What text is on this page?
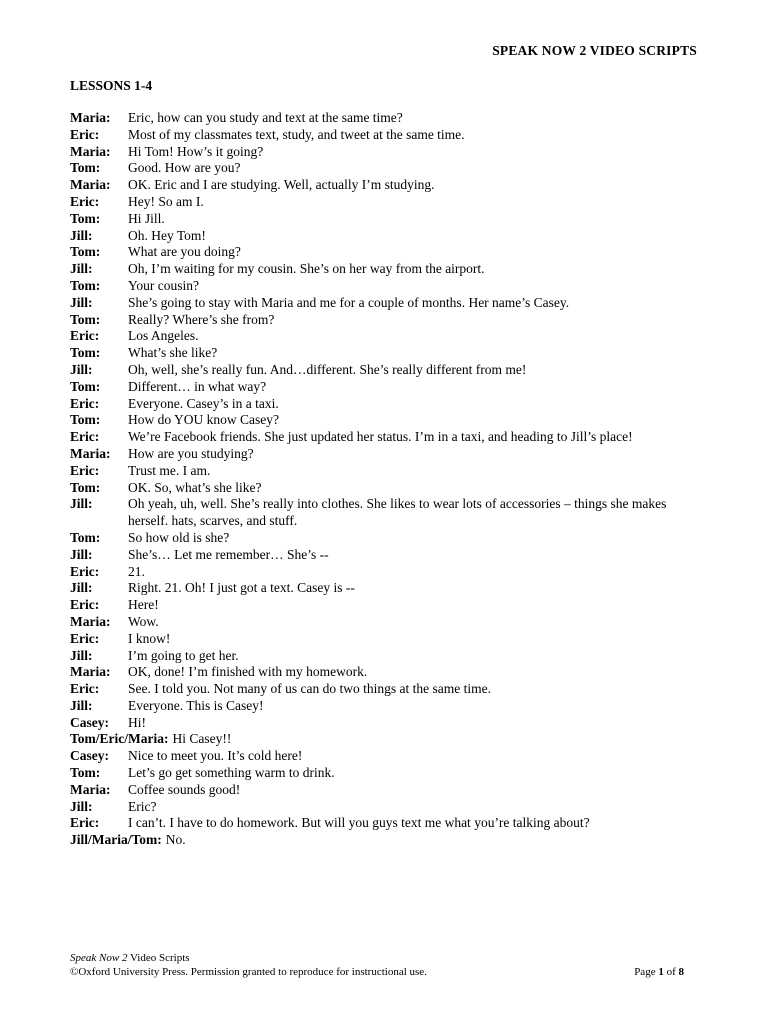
SPEAK NOW 2 VIDEO SCRIPTS
LESSONS 1-4
Maria:	Eric, how can you study and text at the same time?
Eric:	Most of my classmates text, study, and tweet at the same time.
Maria:	Hi Tom! How’s it going?
Tom:	Good. How are you?
Maria:	OK. Eric and I are studying. Well, actually I’m studying.
Eric:	Hey! So am I.
Tom:	Hi Jill.
Jill:	Oh. Hey Tom!
Tom:	What are you doing?
Jill:	Oh, I’m waiting for my cousin. She’s on her way from the airport.
Tom:	Your cousin?
Jill:	She’s going to stay with Maria and me for a couple of months. Her name’s Casey.
Tom:	Really? Where’s she from?
Eric:	Los Angeles.
Tom:	What’s she like?
Jill:	Oh, well, she’s really fun. And…different. She’s really different from me!
Tom:	Different… in what way?
Eric:	Everyone. Casey’s in a taxi.
Tom:	How do YOU know Casey?
Eric:	We’re Facebook friends. She just updated her status. I’m in a taxi, and heading to Jill’s place!
Maria:	How are you studying?
Eric:	Trust me. I am.
Tom:	OK. So, what’s she like?
Jill:	Oh yeah, uh, well. She’s really into clothes. She likes to wear lots of accessories – things she makes herself. hats, scarves, and stuff.
Tom:	So how old is she?
Jill:	She’s… Let me remember… She’s --
Eric:	21.
Jill:	Right. 21. Oh! I just got a text. Casey is --
Eric:	Here!
Maria:	Wow.
Eric:	I know!
Jill:	I’m going to get her.
Maria:	OK, done! I’m finished with my homework.
Eric:	See. I told you. Not many of us can do two things at the same time.
Jill:	Everyone. This is Casey!
Casey:	Hi!
Tom/Eric/Maria: Hi Casey!!
Casey:	Nice to meet you. It’s cold here!
Tom:	Let’s go get something warm to drink.
Maria:	Coffee sounds good!
Jill:	Eric?
Eric:	I can’t. I have to do homework. But will you guys text me what you’re talking about?
Jill/Maria/Tom: No.
Speak Now 2 Video Scripts
©Oxford University Press. Permission granted to reproduce for instructional use.	Page 1 of 8
